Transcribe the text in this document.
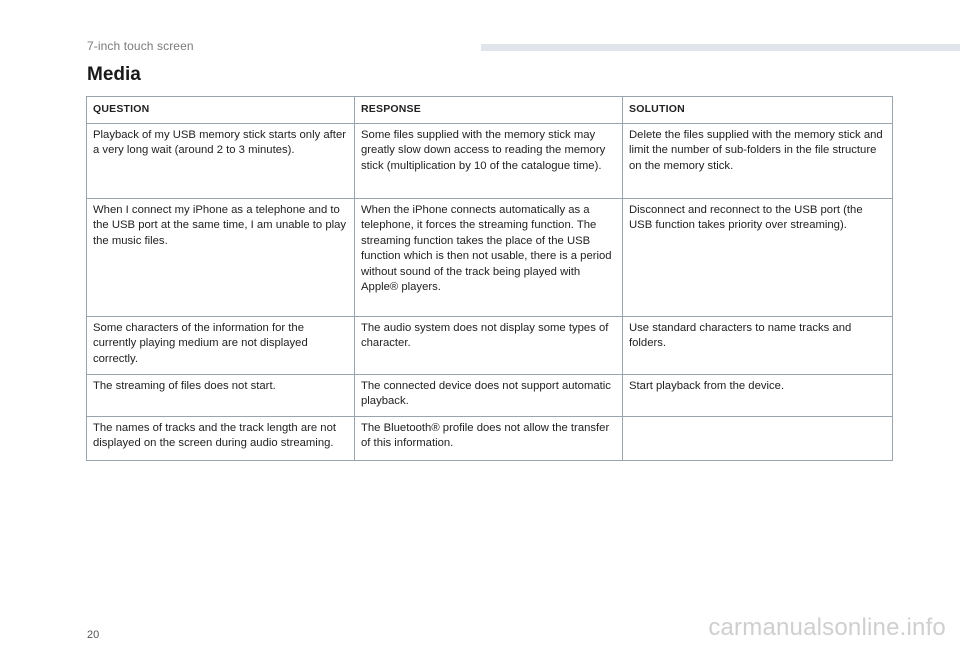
7-inch touch screen
Media
QUESTION	RESPONSE	SOLUTION
Playback of my USB memory stick starts only after a very long wait (around 2 to 3 minutes).	Some files supplied with the memory stick may greatly slow down access to reading the memory stick (multiplication by 10 of the catalogue time).	Delete the files supplied with the memory stick and limit the number of sub-folders in the file structure on the memory stick.
When I connect my iPhone as a telephone and to the USB port at the same time, I am unable to play the music files.	When the iPhone connects automatically as a telephone, it forces the streaming function. The streaming function takes the place of the USB function which is then not usable, there is a period without sound of the track being played with Apple® players.	Disconnect and reconnect to the USB port (the USB function takes priority over streaming).
Some characters of the information for the currently playing medium are not displayed correctly.	The audio system does not display some types of character.	Use standard characters to name tracks and folders.
The streaming of files does not start.	The connected device does not support automatic playback.	Start playback from the device.
The names of tracks and the track length are not displayed on the screen during audio streaming.	The Bluetooth® profile does not allow the transfer of this information.	
20	carmanualsonline.info
